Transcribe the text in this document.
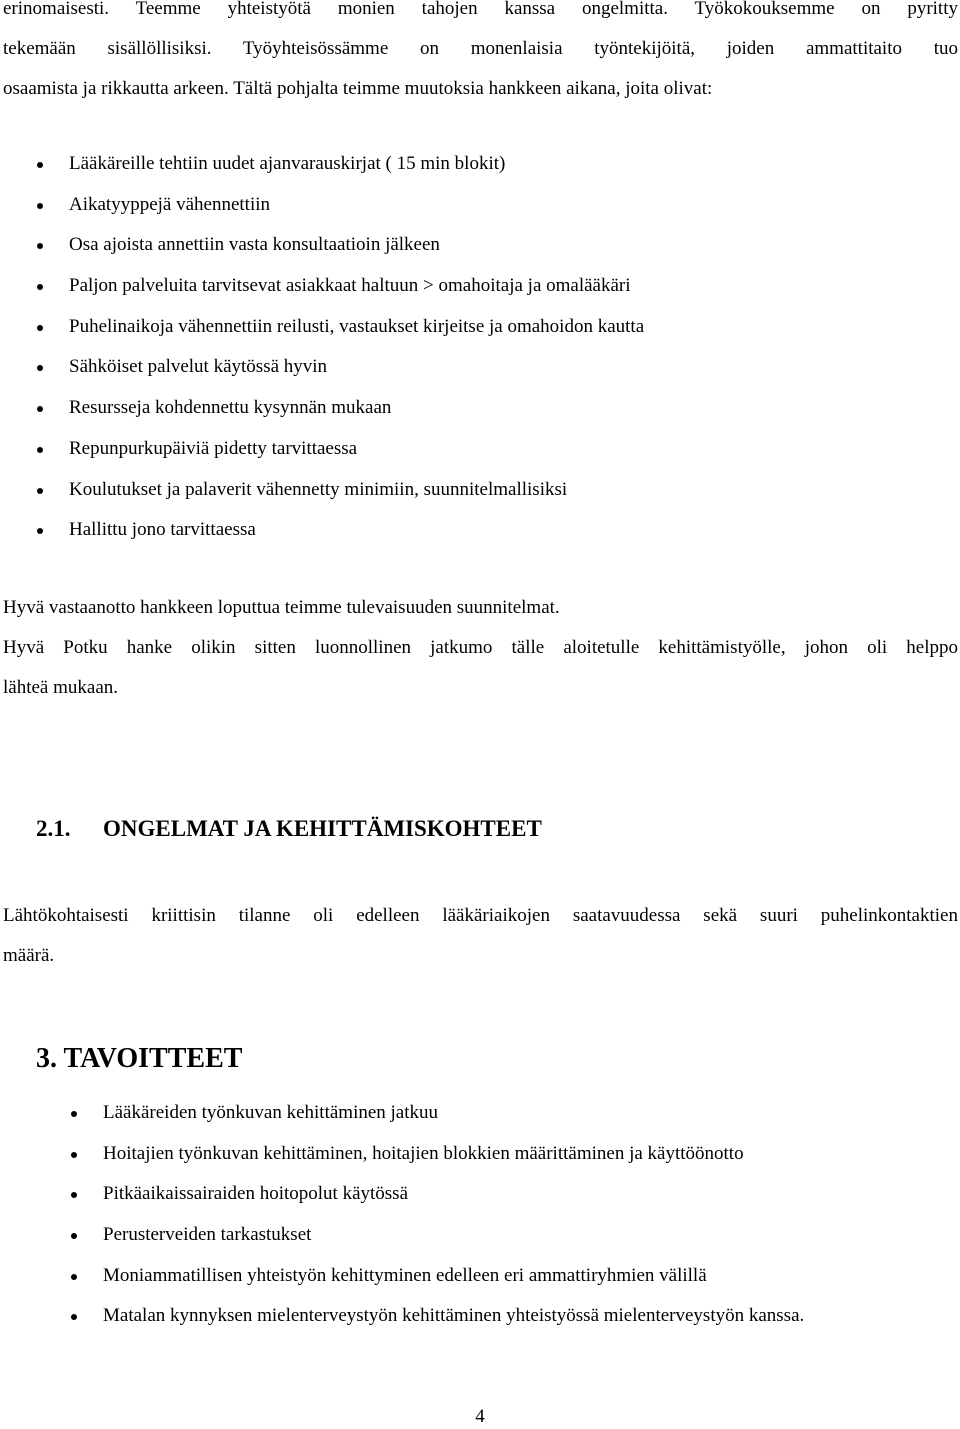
erinomaisesti. Teemme yhteistyötä monien tahojen kanssa ongelmitta. Työkokouksemme on pyritty
tekemään sisällöllisiksi. Työyhteisössämme on monenlaisia työntekijöitä, joiden ammattitaito tuo
osaamista ja rikkautta arkeen. Tältä pohjalta teimme muutoksia hankkeen aikana, joita olivat:
Lääkäreille tehtiin uudet ajanvarauskirjat ( 15 min blokit)
Aikatyyppejä vähennettiin
Osa ajoista annettiin vasta konsultaatioin jälkeen
Paljon palveluita tarvitsevat asiakkaat haltuun > omahoitaja ja omalääkäri
Puhelinaikoja vähennettiin reilusti, vastaukset kirjeitse ja omahoidon kautta
Sähköiset palvelut käytössä hyvin
Resursseja kohdennettu kysynnän mukaan
Repunpurkupäiviä pidetty tarvittaessa
Koulutukset ja palaverit vähennetty minimiin, suunnitelmallisiksi
Hallittu jono tarvittaessa
Hyvä vastaanotto hankkeen loputtua teimme tulevaisuuden suunnitelmat.
Hyvä Potku hanke olikin sitten luonnollinen jatkumo tälle aloitetulle kehittämistyölle, johon oli helppo
lähteä mukaan.
2.1. ONGELMAT JA KEHITTÄMISKOHTEET
Lähtökohtaisesti kriittisin tilanne oli edelleen lääkäriaikojen saatavuudessa sekä suuri puhelinkontaktien
määrä.
3. TAVOITTEET
Lääkäreiden työnkuvan kehittäminen jatkuu
Hoitajien työnkuvan kehittäminen, hoitajien blokkien määrittäminen ja käyttöönotto
Pitkäaikaissairaiden hoitopolut käytössä
Perusterveiden tarkastukset
Moniammatillisen yhteistyön kehittyminen edelleen eri ammattiryhmien välillä
Matalan kynnyksen mielenterveystyön kehittäminen yhteistyössä mielenterveystyön kanssa.
4
